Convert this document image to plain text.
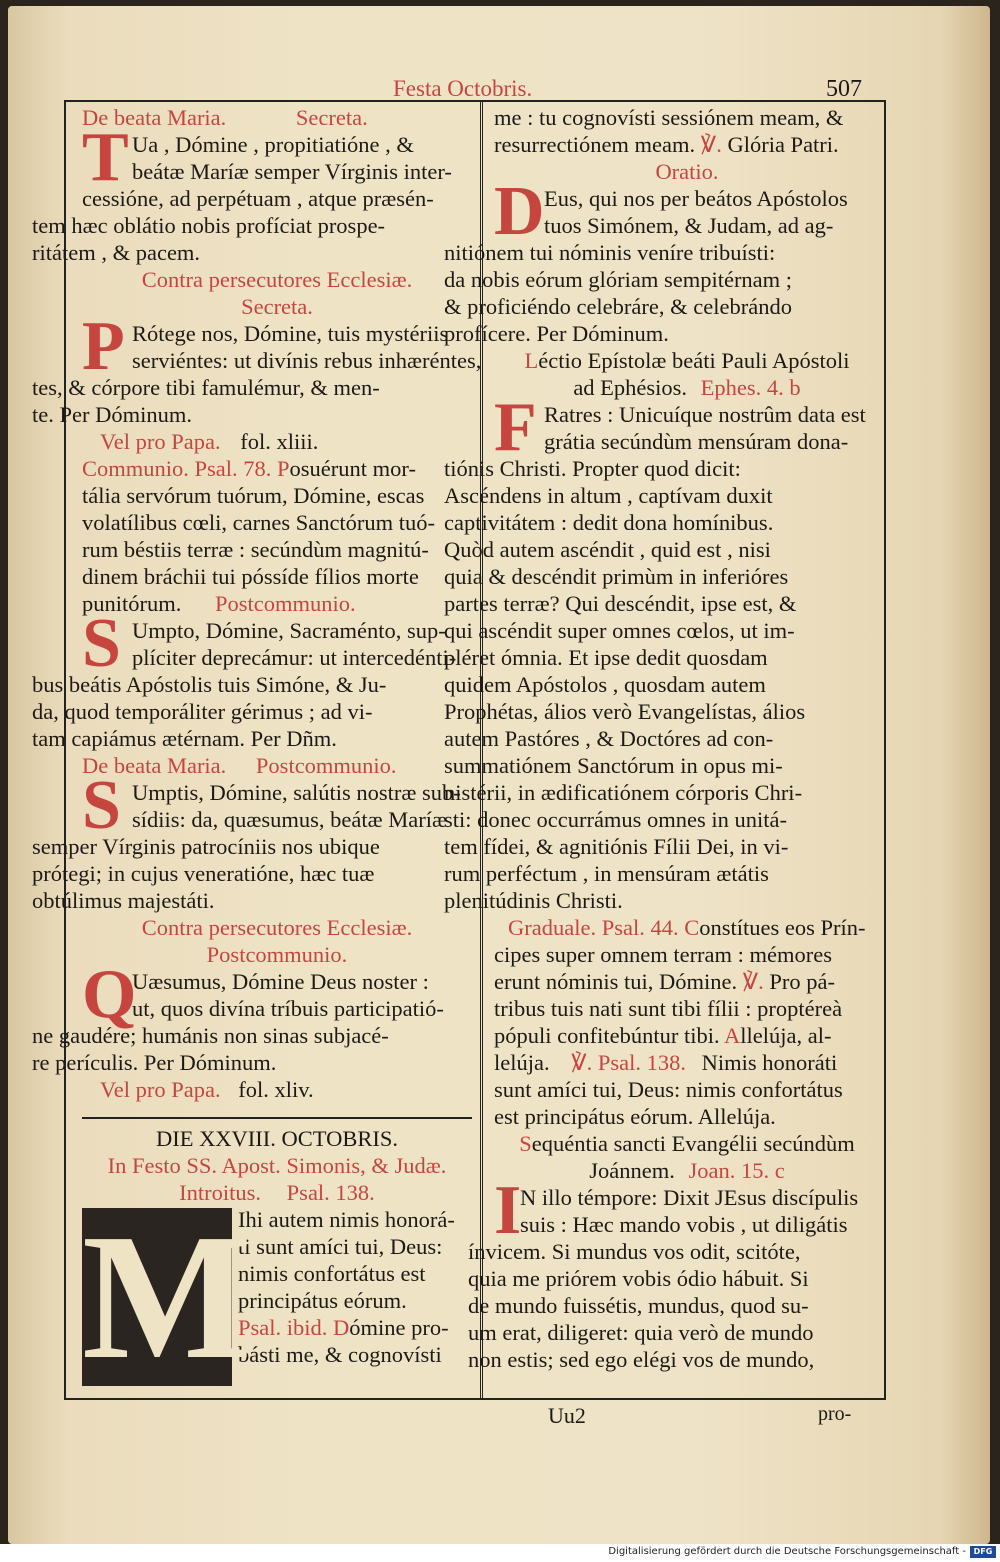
Festa Octobris.	507
De beata Maria.	Secreta.
T Ua , Dómine , propitiatióne , &
beátæ Maríæ semper Vírginis inter-
cessióne, ad perpétuam , atque præsén-
tem hæc oblátio nobis profíciat prospe-
ritátem , & pacem.
Contra persecutores Ecclesiæ.
Secreta.
P Rótege nos, Dómine, tuis mystériis
serviéntes: ut divínis rebus inhæréntes,
tes, & córpore tibi famulémur, & men-
te. Per Dóminum.
Vel pro Papa. fol. xliii.
Communio. Psal. 78. Posuérunt mor-
tália servórum tuórum, Dómine, escas
volatílibus cœli, carnes Sanctórum tuó-
rum béstiis terræ : secúndùm magnitú-
dinem bráchii tui póssíde fílios morte
punitórum. Postcommunio.
S Umpto, Dómine, Sacraménto, sup-
plíciter deprecámur: ut intercedénti-
bus beátis Apóstolis tuis Simóne, & Ju-
da, quod temporáliter gérimus ; ad vi-
tam capiámus ætérnam. Per Dñm.
De beata Maria. Postcommunio.
S Umptis, Dómine, salútis nostræ sub-
sídiis: da, quæsumus, beátæ Maríæ
semper Vírginis patrocíniis nos ubique
prótegi; in cujus veneratióne, hæc tuæ
obtúlimus majestáti.
Contra persecutores Ecclesiæ.
Postcommunio.
Q
Uæsumus, Dómine Deus noster :
ut, quos divína tríbuis participatió-
ne gaudére; humánis non sinas subjacé-
re perículis. Per Dóminum.
Vel pro Papa. fol. xliv.
DIE XXVIII. OCTOBRIS.
In Festo SS. Apost. Simonis, & Judæ.
Introitus. Psal. 138.
M
Ihi autem nimis honorá-
ti sunt amíci tui, Deus:
nimis confortátus est
principátus eórum.
Psal. ibid. Dómine pro-
básti me, & cognovísti
me : tu cognovísti sessiónem meam, &
resurrectiónem meam. ℣. Glória Patri.
Oratio.
D Eus, qui nos per beátos Apóstolos
tuos Simónem, & Judam, ad ag-
nitiónem tui nóminis veníre tribuísti:
da nobis eórum glóriam sempitérnam ;
& proficiéndo celebráre, & celebrándo
profícere. Per Dóminum.
Léctio Epístolæ beáti Pauli Apóstoli
ad Ephésios. Ephes. 4. b
F Ratres : Unicuíque nostrûm data est
grátia secúndùm mensúram dona-
tiónis Christi. Propter quod dicit:
Ascéndens in altum , captívam duxit
captivitátem : dedit dona homínibus.
Quòd autem ascéndit , quid est , nisi
quia & descéndit primùm in inferióres
partes terræ? Qui descéndit, ipse est, &
qui ascéndit super omnes cœlos, ut im-
pléret ómnia. Et ipse dedit quosdam
quidem Apóstolos , quosdam autem
Prophétas, álios verò Evangelístas, álios
autem Pastóres , & Doctóres ad con-
summatiónem Sanctórum in opus mi-
nistérii, in ædificatiónem córporis Chri-
sti: donec occurrámus omnes in unitá-
tem fídei, & agnitiónis Fílii Dei, in vi-
rum perféctum , in mensúram ætátis
plenitúdinis Christi.
Graduale. Psal. 44. Constítues eos Prín-
cipes super omnem terram : mémores
erunt nóminis tui, Dómine. ℣. Pro pá-
tribus tuis nati sunt tibi fílii : proptéreà
pópuli confitebúntur tibi. Allelúja, al-
lelúja. ℣. Psal. 138. Nimis honoráti
sunt amíci tui, Deus: nimis confortátus
est principátus eórum. Allelúja.
Sequéntia sancti Evangélii secúndùm
Joánnem. Joan. 15. c
I
N illo témpore: Dixit JEsus discípulis
suis : Hæc mando vobis , ut diligátis
ínvicem. Si mundus vos odit, scitóte,
quia me priórem vobis ódio hábuit. Si
de mundo fuissétis, mundus, quod su-
um erat, diligeret: quia verò de mundo
non estis; sed ego elégi vos de mundo,
Uu2	pro-
Digitalisierung gefördert durch die Deutsche Forschungsgemeinschaft - DFG
